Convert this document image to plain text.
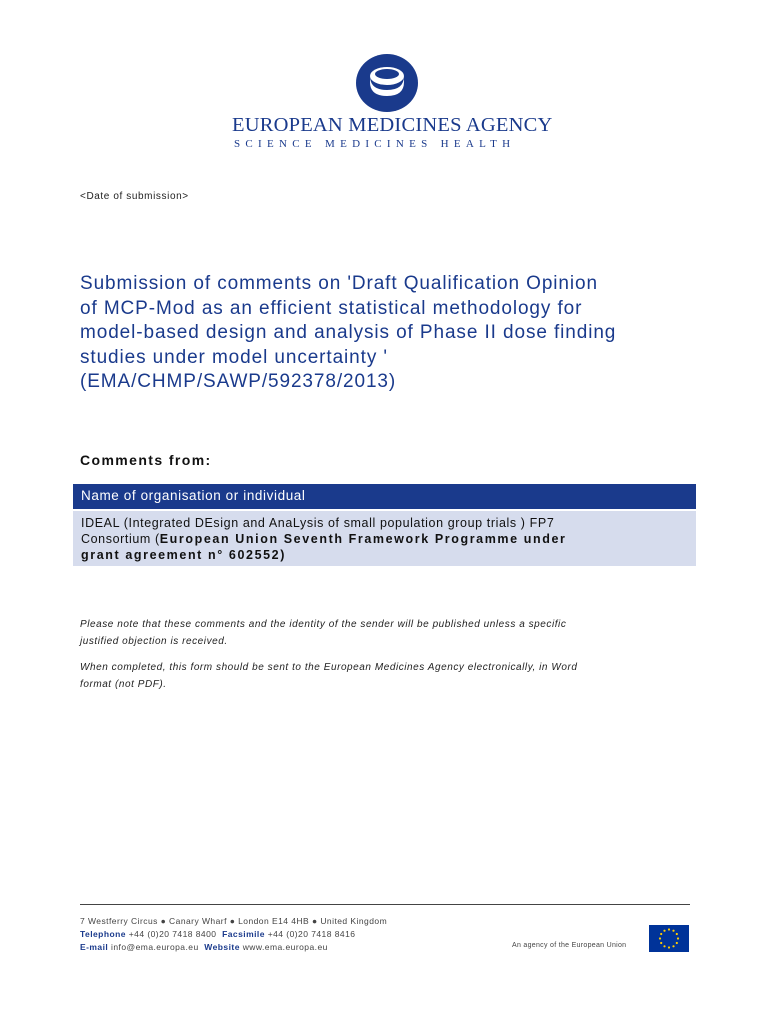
EUROPEAN MEDICINES AGENCY
SCIENCE MEDICINES HEALTH
<Date of submission>
Submission of comments on 'Draft Qualification Opinion
of MCP-Mod as an efficient statistical methodology for
model-based design and analysis of Phase II dose finding
studies under model uncertainty '
(EMA/CHMP/SAWP/592378/2013)
Comments from:
Name of organisation or individual
IDEAL (Integrated DEsign and AnaLysis of small population group trials ) FP7
Consortium (European Union Seventh Framework Programme under
grant agreement n° 602552)
Please note that these comments and the identity of the sender will be published unless a specific
justified objection is received.
When completed, this form should be sent to the European Medicines Agency electronically, in Word
format (not PDF).
7 Westferry Circus ● Canary Wharf ● London E14 4HB ● United Kingdom
Telephone +44 (0)20 7418 8400 Facsimile +44 (0)20 7418 8416
E-mail info@ema.europa.eu Website www.ema.europa.eu	An agency of the European Union
